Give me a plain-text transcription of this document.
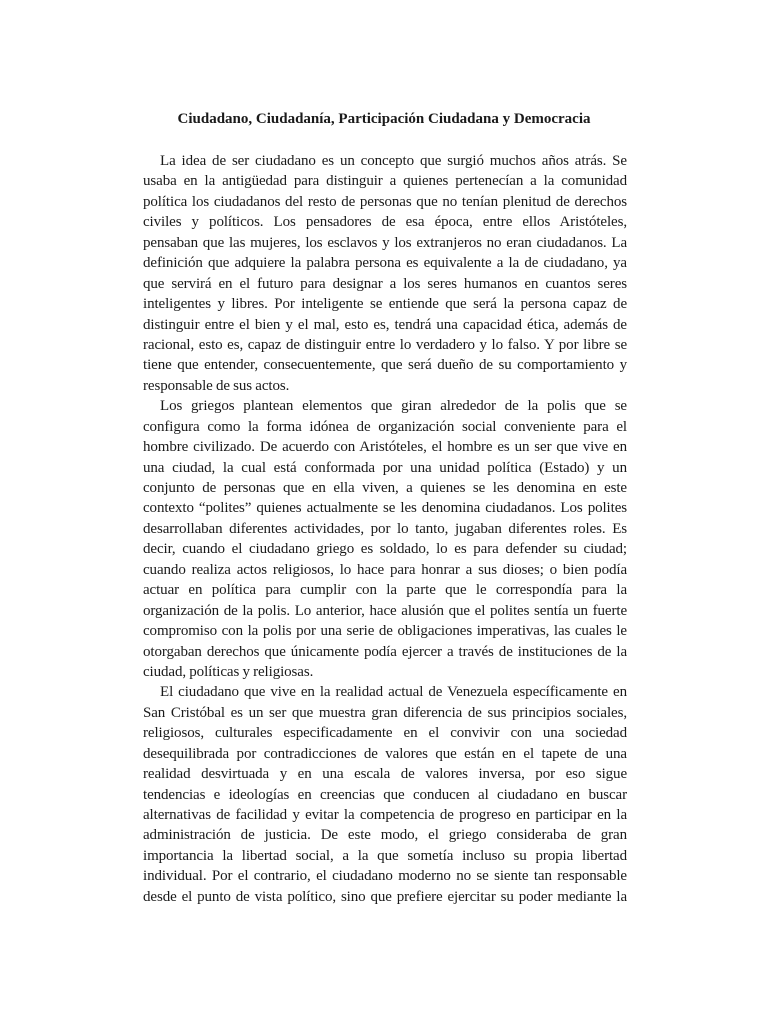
Ciudadano, Ciudadanía, Participación Ciudadana y Democracia
La idea de ser ciudadano es un concepto que surgió muchos años atrás. Se
usaba en la antigüedad para distinguir a quienes pertenecían a la comunidad
política los ciudadanos del resto de personas que no tenían plenitud de derechos
civiles y políticos. Los pensadores de esa época, entre ellos Aristóteles,
pensaban que las mujeres, los esclavos y los extranjeros no eran ciudadanos. La
definición que adquiere la palabra persona es equivalente a la de ciudadano, ya
que servirá en el futuro para designar a los seres humanos en cuantos seres
inteligentes y libres. Por inteligente se entiende que será la persona capaz de
distinguir entre el bien y el mal, esto es, tendrá una capacidad ética, además de
racional, esto es, capaz de distinguir entre lo verdadero y lo falso. Y por libre se
tiene que entender, consecuentemente, que será dueño de su comportamiento y
responsable de sus actos.
Los griegos plantean elementos que giran alrededor de la polis que se
configura como la forma idónea de organización social conveniente para el
hombre civilizado. De acuerdo con Aristóteles, el hombre es un ser que vive en
una ciudad, la cual está conformada por una unidad política (Estado) y un
conjunto de personas que en ella viven, a quienes se les denomina en este
contexto “polites” quienes actualmente se les denomina ciudadanos. Los polites
desarrollaban diferentes actividades, por lo tanto, jugaban diferentes roles. Es
decir, cuando el ciudadano griego es soldado, lo es para defender su ciudad;
cuando realiza actos religiosos, lo hace para honrar a sus dioses; o bien podía
actuar en política para cumplir con la parte que le correspondía para la
organización de la polis. Lo anterior, hace alusión que el polites sentía un fuerte
compromiso con la polis por una serie de obligaciones imperativas, las cuales le
otorgaban derechos que únicamente podía ejercer a través de instituciones de la
ciudad, políticas y religiosas.
El ciudadano que vive en la realidad actual de Venezuela específicamente en
San Cristóbal es un ser que muestra gran diferencia de sus principios sociales,
religiosos, culturales especificadamente en el convivir con una sociedad
desequilibrada por contradicciones de valores que están en el tapete de una
realidad desvirtuada y en una escala de valores inversa, por eso sigue
tendencias e ideologías en creencias que conducen al ciudadano en buscar
alternativas de facilidad y evitar la competencia de progreso en participar en la
administración de justicia. De este modo, el griego consideraba de gran
importancia la libertad social, a la que sometía incluso su propia libertad
individual. Por el contrario, el ciudadano moderno no se siente tan responsable
desde el punto de vista político, sino que prefiere ejercitar su poder mediante la
